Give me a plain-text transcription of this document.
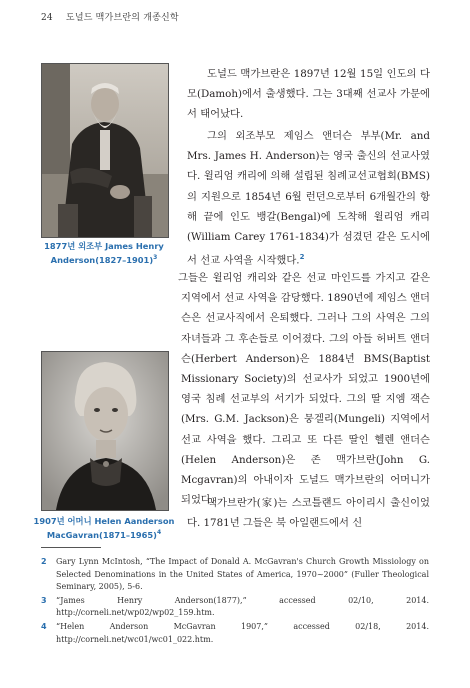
24 도널드 맥가브란의 개종신학
1877년 외조부 James Henry
Anderson(1827–1901)$^3$
1907년 어머니 Helen Aanderson
MacGavran(1871–1965)$^4$

도널드 맥가브란은 1897년 12월 15일 인도의 다모(Damoh)에서 출생했다. 그는 3대째 선교사 가문에서 태어났다.

그의 외조부모 제임스 앤더슨 부부(Mr. and Mrs. James H. Anderson)는 영국 출신의 선교사였다. 윌리엄 캐리에 의해 설립된 침례교선교협회(BMS)의 지원으로 1854년 6월 런던으로부터 6개월간의 항해 끝에 인도 뱅갈(Bengal)에 도착해 윌리엄 캐리(William Carey 1761-1834)가 섬겼던 같은 도시에서 선교 사역을 시작했다.$^2$

그들은 윌리엄 캐리와 같은 선교 마인드를 가지고 같은 지역에서 선교 사역을 감당했다. 1890년에 제임스 앤더슨은 선교사직에서 은퇴했다. 그러나 그의 사역은 그의 자녀들과 그 후손들로 이어졌다. 그의 아들 허버트 앤더슨(Herbert Anderson)은 1884년 BMS(Baptist Missionary Society)의 선교사가 되었고 1900년에 영국 침례 선교부의 서기가 되었다. 그의 딸 지엠 잭슨(Mrs. G.M. Jackson)은 뭉겔리(Mungeli) 지역에서 선교 사역을 했다. 그리고 또 다른 딸인 헬렌 앤더슨(Helen Anderson)은 존 맥가브란(John G. Mcgavran)의 아내이자 도널드 맥가브란의 어머니가 되었다.

맥가브란가(家)는 스코틀랜드 아이리시 출신이었다. 1781년 그들은 북 아일랜드에서 신

2	Gary Lynn McIntosh, “The Impact of Donald A. McGavran's Church Growth Missiology on Selected Denominations in the United States of America, 1970~2000” (Fuller Theological Seminary, 2005), 5-6.
3	“James Henry Anderson(1877),” accessed 02/10, 2014. http://corneli.net/wp02/wp02_159.htm.
4	“Helen Anderson McGavran 1907,” accessed 02/18, 2014. http://corneli.net/wc01/wc01_022.htm.
